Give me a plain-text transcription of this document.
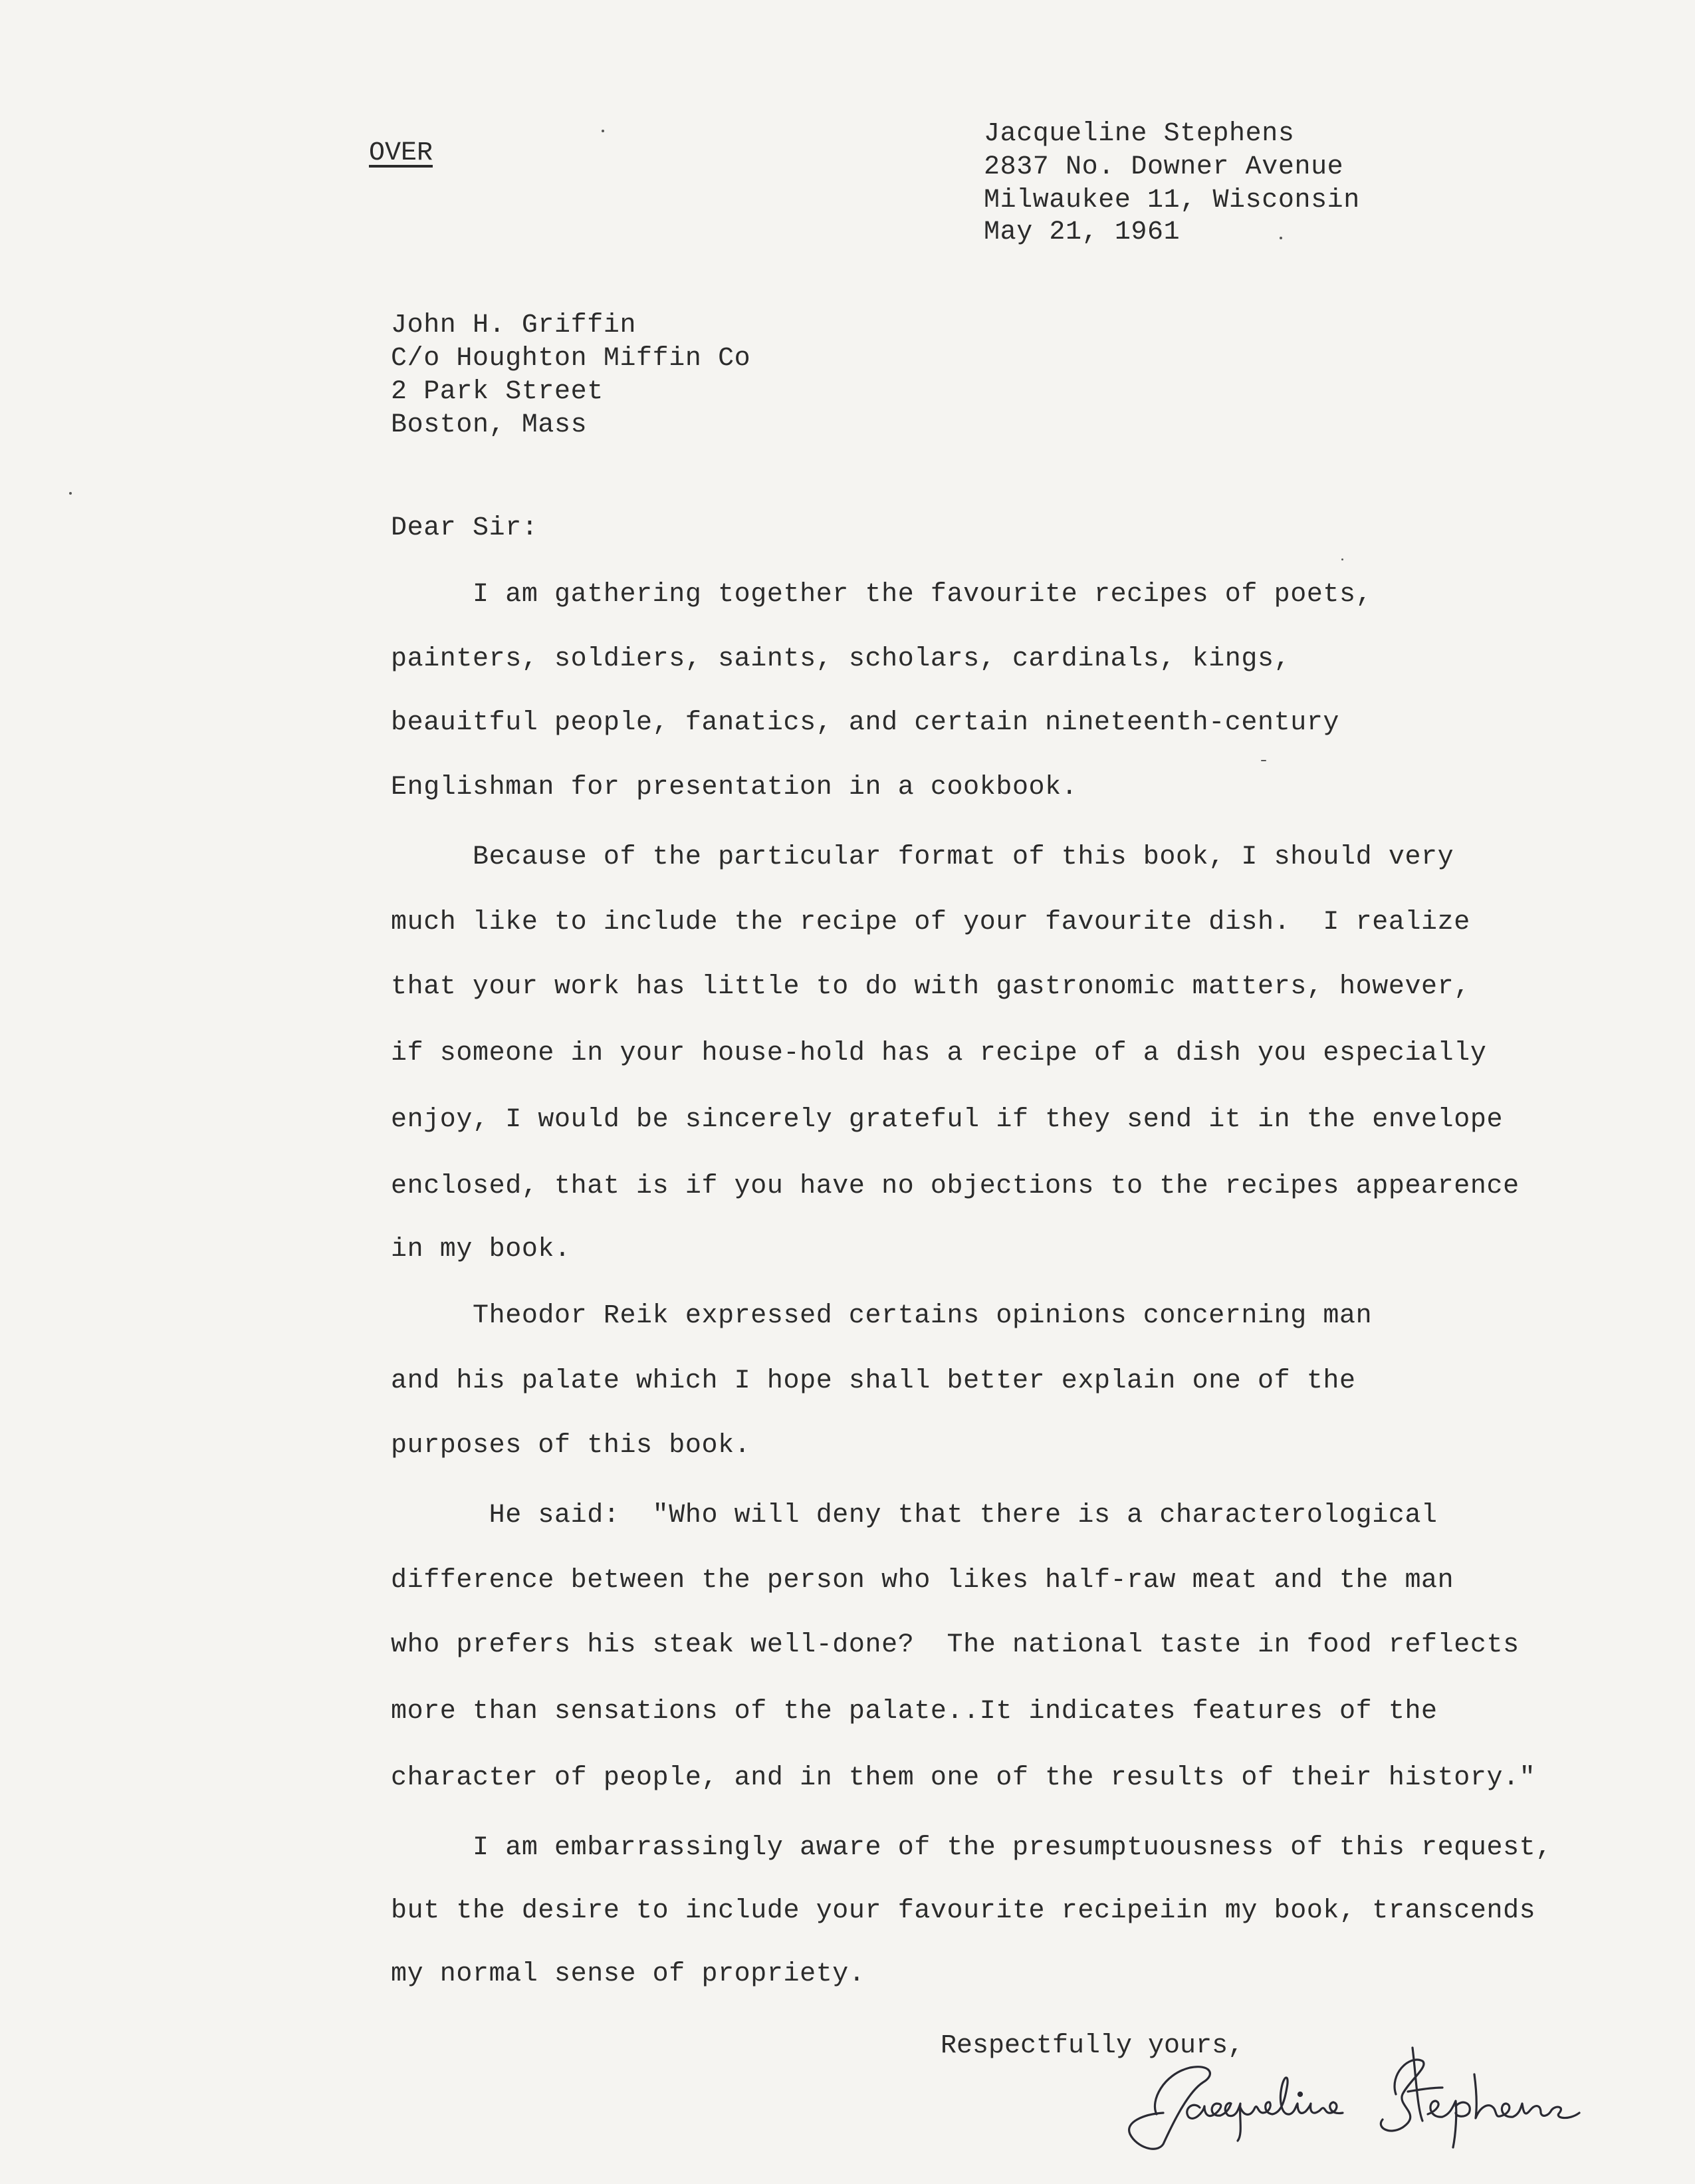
OVER
Jacqueline Stephens
2837 No. Downer Avenue
Milwaukee 11, Wisconsin
May 21, 1961
John H. Griffin
C/o Houghton Miffin Co
2 Park Street
Boston, Mass
Dear Sir:
I am gathering together the favourite recipes of poets,
painters, soldiers, saints, scholars, cardinals, kings,
beauitful people, fanatics, and certain nineteenth-century
Englishman for presentation in a cookbook.
Because of the particular format of this book, I should very
much like to include the recipe of your favourite dish.  I realize
that your work has little to do with gastronomic matters, however,
if someone in your house-hold has a recipe of a dish you especially
enjoy, I would be sincerely grateful if they send it in the envelope
enclosed, that is if you have no objections to the recipes appearence
in my book.
Theodor Reik expressed certains opinions concerning man
and his palate which I hope shall better explain one of the
purposes of this book.
He said:  "Who will deny that there is a characterological
difference between the person who likes half-raw meat and the man
who prefers his steak well-done?  The national taste in food reflects
more than sensations of the palate..It indicates features of the
character of people, and in them one of the results of their history."
I am embarrassingly aware of the presumptuousness of this request,
but the desire to include your favourite recipeiin my book, transcends
my normal sense of propriety.
Respectfully yours,
